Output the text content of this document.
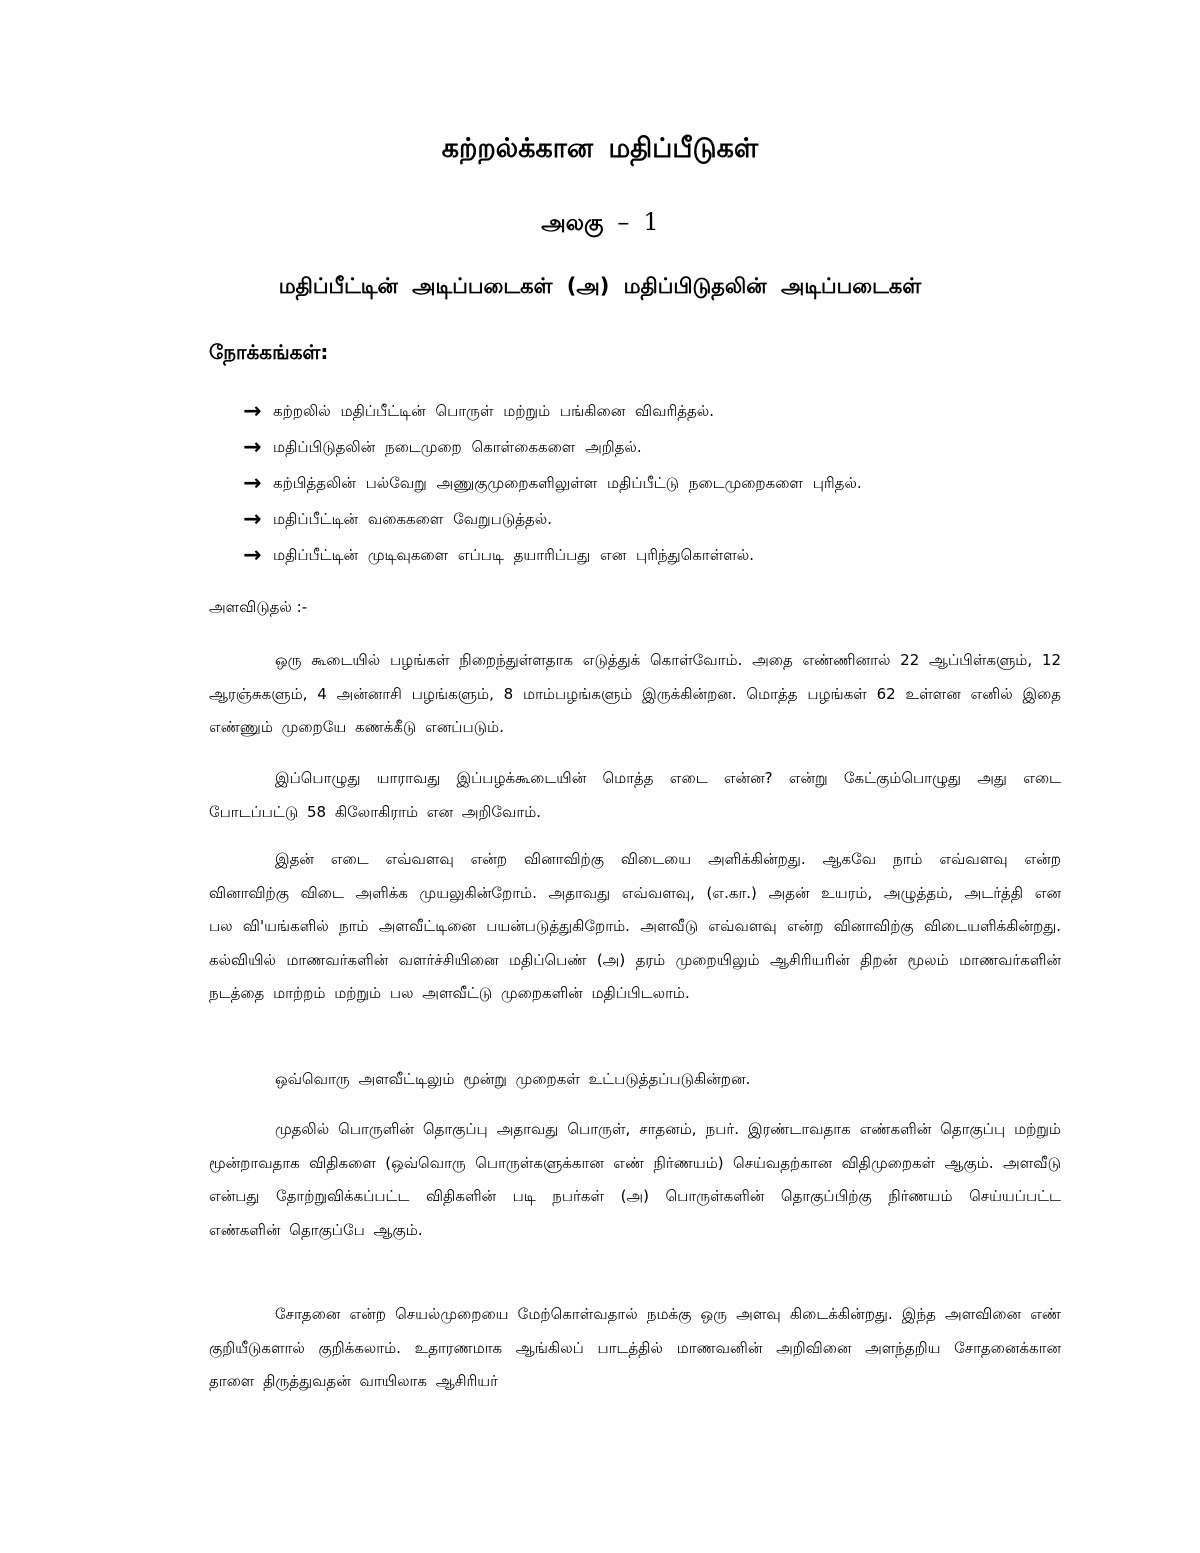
கற்றல்க்கான மதிப்பீடுகள்
அலகு – 1
மதிப்பீட்டின் அடிப்படைகள் (அ) மதிப்பிடுதலின் அடிப்படைகள்
நோக்கங்கள்:
→ கற்றலில் மதிப்பீட்டின் பொருள் மற்றும் பங்கினை விவரித்தல்.
→ மதிப்பிடுதலின் நடைமுறை கொள்கைகளை அறிதல்.
→ கற்பித்தலின் பல்வேறு அணுகுமுறைகளிலுள்ள மதிப்பீட்டு நடைமுறைகளை புரிதல்.
→ மதிப்பீட்டின் வகைகளை வேறுபடுத்தல்.
→ மதிப்பீட்டின் முடிவுகளை எப்படி தயாரிப்பது என புரிந்துகொள்ளல்.
அளவிடுதல் :-

ஒரு கூடையில் பழங்கள் நிறைந்துள்ளதாக எடுத்துக் கொள்வோம். அதை எண்ணினால் 22 ஆப்பிள்களும், 12 ஆரஞ்சுகளும், 4 அன்னாசி பழங்களும், 8 மாம்பழங்களும் இருக்கின்றன. மொத்த பழங்கள் 62 உள்ளன எனில் இதை எண்ணும் முறையே கணக்கீடு எனப்படும்.

இப்பொழுது யாராவது இப்பழக்கூடையின் மொத்த எடை என்ன? என்று கேட்கும்பொழுது அது எடை போடப்பட்டு 58 கிலோகிராம் என அறிவோம்.

இதன் எடை எவ்வளவு என்ற வினாவிற்கு விடையை அளிக்கின்றது. ஆகவே நாம் எவ்வளவு என்ற வினாவிற்கு விடை அளிக்க முயலுகின்றோம். அதாவது எவ்வளவு, (எ.கா.) அதன் உயரம், அழுத்தம், அடர்த்தி என பல வி'யங்களில் நாம் அளவீட்டினை பயன்படுத்துகிறோம். அளவீடு எவ்வளவு என்ற வினாவிற்கு விடையளிக்கின்றது. கல்வியில் மாணவர்களின் வளர்ச்சியினை மதிப்பெண் (அ) தரம் முறையிலும் ஆசிரியரின் திறன் மூலம் மாணவர்களின் நடத்தை மாற்றம் மற்றும் பல அளவீட்டு முறைகளின் மதிப்பிடலாம்.

ஒவ்வொரு அளவீட்டிலும் மூன்று முறைகள் உட்படுத்தப்படுகின்றன.

முதலில் பொருளின் தொகுப்பு அதாவது பொருள், சாதனம், நபர். இரண்டாவதாக எண்களின் தொகுப்பு மற்றும் மூன்றாவதாக விதிகளை (ஒவ்வொரு பொருள்களுக்கான எண் நிர்ணயம்) செய்வதற்கான விதிமுறைகள் ஆகும். அளவீடு என்பது தோற்றுவிக்கப்பட்ட விதிகளின் படி நபர்கள் (அ) பொருள்களின் தொகுப்பிற்கு நிர்ணயம் செய்யப்பட்ட எண்களின் தொகுப்பே ஆகும்.

சோதனை என்ற செயல்முறையை மேற்கொள்வதால் நமக்கு ஒரு அளவு கிடைக்கின்றது. இந்த அளவினை எண் குறியீடுகளால் குறிக்கலாம். உதாரணமாக ஆங்கிலப் பாடத்தில் மாணவனின் அறிவினை அளந்தறிய சோதனைக்கான தாளை திருத்துவதன் வாயிலாக ஆசிரியர்
